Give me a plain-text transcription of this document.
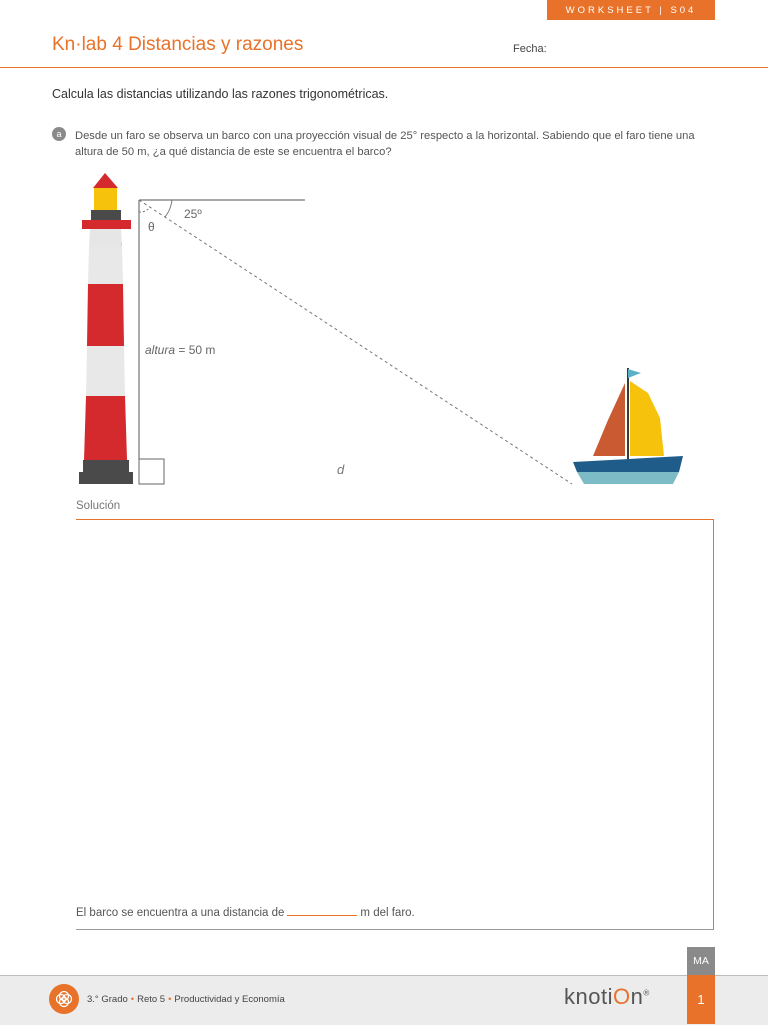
WORKSHEET | S04
Kn·lab 4 Distancias y razones	Fecha:
Calcula las distancias utilizando las razones trigonométricas.
a	Desde un faro se observa un barco con una proyección visual de 25° respecto a la horizontal. Sabiendo que el faro tiene una altura de 50 m, ¿a qué distancia de este se encuentra el barco?
25º
θ
altura = 50 m
d
Solución
El barco se encuentra a una distancia de	m del faro.
MA
3.° Grado • Reto 5 • Productividad y Economía	knotiOn®	1
